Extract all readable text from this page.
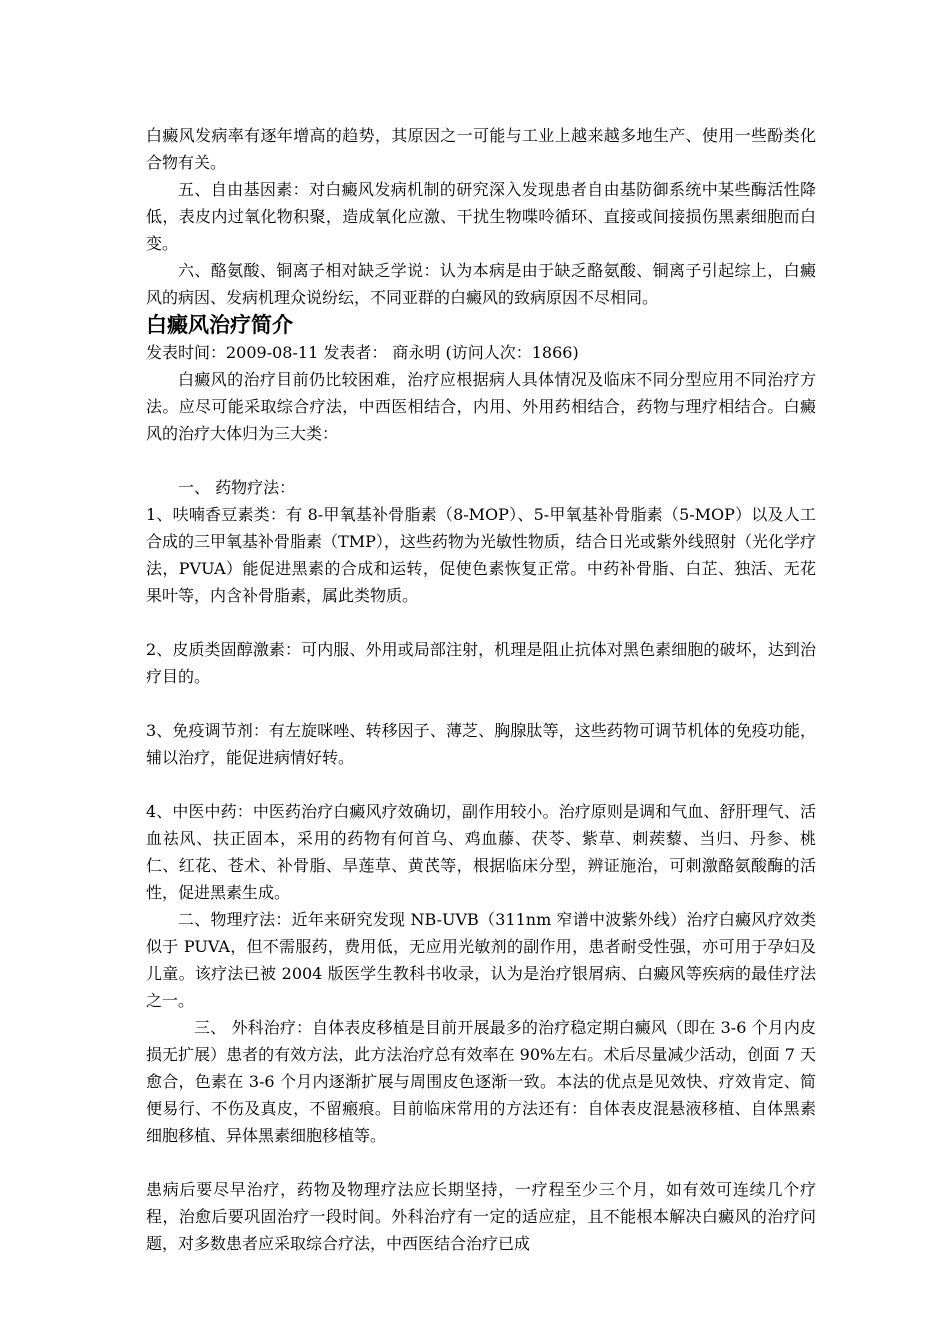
白癜风发病率有逐年增高的趋势，其原因之一可能与工业上越来越多地生产、使用一些酚类化合物有关。

五、自由基因素：对白癜风发病机制的研究深入发现患者自由基防御系统中某些酶活性降低，表皮内过氧化物积聚，造成氧化应激、干扰生物喋呤循环、直接或间接损伤黑素细胞而白变。

六、酪氨酸、铜离子相对缺乏学说：认为本病是由于缺乏酪氨酸、铜离子引起综上，白癜风的病因、发病机理众说纷纭，不同亚群的白癜风的致病原因不尽相同。

白癜风治疗简介

发表时间：2009-08-11 发表者： 商永明 (访问人次：1866)

白癜风的治疗目前仍比较困难，治疗应根据病人具体情况及临床不同分型应用不同治疗方法。应尽可能采取综合疗法，中西医相结合，内用、外用药相结合，药物与理疗相结合。白癜风的治疗大体归为三大类：

一、 药物疗法：

1、呋喃香豆素类：有 8-甲氧基补骨脂素（8-MOP）、5-甲氧基补骨脂素（5-MOP）以及人工合成的三甲氧基补骨脂素（TMP），这些药物为光敏性物质，结合日光或紫外线照射（光化学疗法，PVUA）能促进黑素的合成和运转，促使色素恢复正常。中药补骨脂、白芷、独活、无花果叶等，内含补骨脂素，属此类物质。

2、皮质类固醇激素：可内服、外用或局部注射，机理是阻止抗体对黑色素细胞的破坏，达到治疗目的。

3、免疫调节剂：有左旋咪唑、转移因子、薄芝、胸腺肽等，这些药物可调节机体的免疫功能，辅以治疗，能促进病情好转。

4、中医中药：中医药治疗白癜风疗效确切，副作用较小。治疗原则是调和气血、舒肝理气、活血祛风、扶正固本，采用的药物有何首乌、鸡血藤、茯苓、紫草、刺蒺藜、当归、丹参、桃仁、红花、苍术、补骨脂、旱莲草、黄芪等，根据临床分型，辨证施治，可刺激酪氨酸酶的活性，促进黑素生成。

二、物理疗法：近年来研究发现 NB-UVB（311nm 窄谱中波紫外线）治疗白癜风疗效类似于 PUVA，但不需服药，费用低，无应用光敏剂的副作用，患者耐受性强，亦可用于孕妇及儿童。该疗法已被 2004 版医学生教科书收录，认为是治疗银屑病、白癜风等疾病的最佳疗法之一。

三、 外科治疗：自体表皮移植是目前开展最多的治疗稳定期白癜风（即在 3-6 个月内皮损无扩展）患者的有效方法，此方法治疗总有效率在 90%左右。术后尽量减少活动，创面 7 天愈合，色素在 3-6 个月内逐渐扩展与周围皮色逐渐一致。本法的优点是见效快、疗效肯定、简便易行、不伤及真皮，不留瘢痕。目前临床常用的方法还有：自体表皮混悬液移植、自体黑素细胞移植、异体黑素细胞移植等。

患病后要尽早治疗，药物及物理疗法应长期坚持，一疗程至少三个月，如有效可连续几个疗程，治愈后要巩固治疗一段时间。外科治疗有一定的适应症，且不能根本解决白癜风的治疗问题，对多数患者应采取综合疗法，中西医结合治疗已成
